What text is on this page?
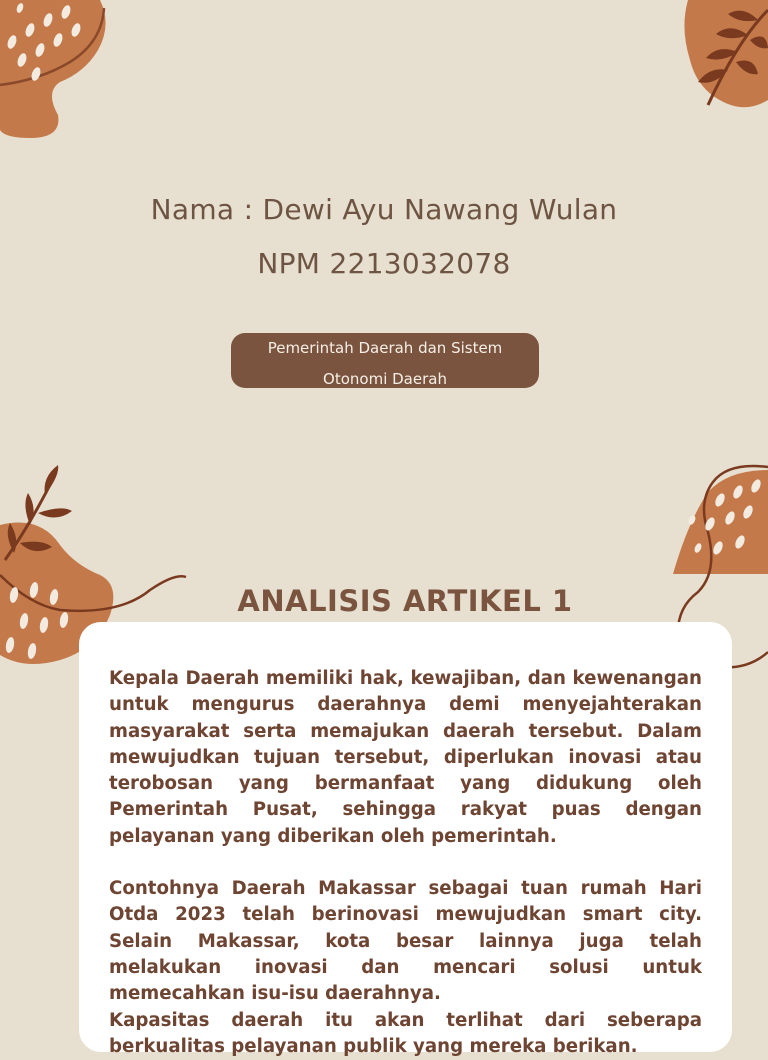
Nama : Dewi Ayu Nawang Wulan
NPM 2213032078
Pemerintah Daerah dan Sistem
Otonomi Daerah
ANALISIS ARTIKEL 1

Kepala Daerah memiliki hak, kewajiban, dan kewenangan untuk mengurus daerahnya demi menyejahterakan masyarakat serta memajukan daerah tersebut. Dalam mewujudkan tujuan tersebut, diperlukan inovasi atau terobosan yang bermanfaat yang didukung oleh Pemerintah Pusat, sehingga rakyat puas dengan pelayanan yang diberikan oleh pemerintah.

Contohnya Daerah Makassar sebagai tuan rumah Hari Otda 2023 telah berinovasi mewujudkan smart city. Selain Makassar, kota besar lainnya juga telah melakukan inovasi dan mencari solusi untuk memecahkan isu-isu daerahnya.

Kapasitas daerah itu akan terlihat dari seberapa berkualitas pelayanan publik yang mereka berikan.
